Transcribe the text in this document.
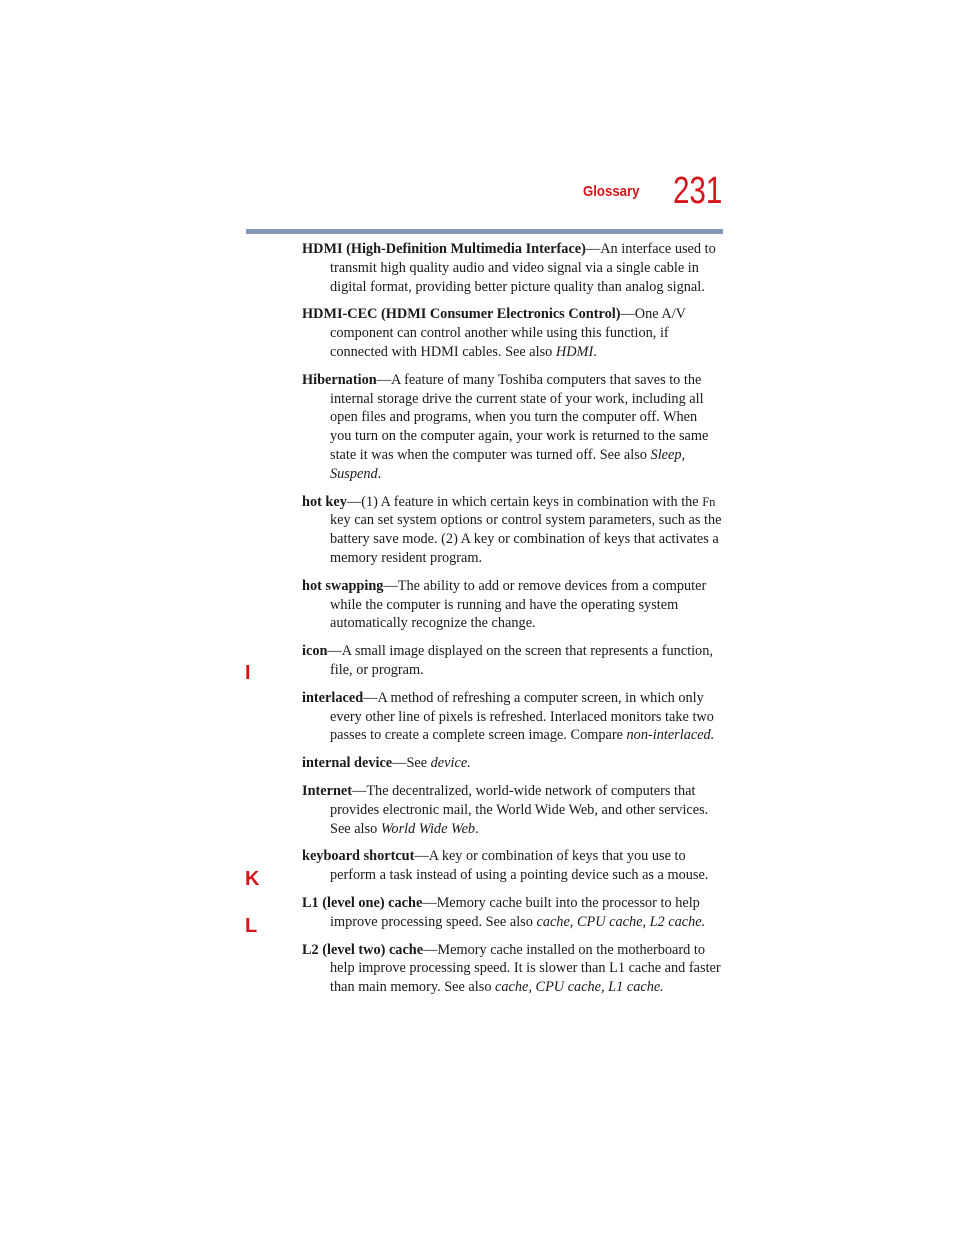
Glossary 231
I
K
L

HDMI (High-Definition Multimedia Interface)—An interface used to transmit high quality audio and video signal via a single cable in digital format, providing better picture quality than analog signal.

HDMI-CEC (HDMI Consumer Electronics Control)—One A/V component can control another while using this function, if connected with HDMI cables. See also HDMI.

Hibernation—A feature of many Toshiba computers that saves to the internal storage drive the current state of your work, including all open files and programs, when you turn the computer off. When you turn on the computer again, your work is returned to the same state it was when the computer was turned off. See also Sleep, Suspend.

hot key—(1) A feature in which certain keys in combination with the Fn key can set system options or control system parameters, such as the battery save mode. (2) A key or combination of keys that activates a memory resident program.

hot swapping—The ability to add or remove devices from a computer while the computer is running and have the operating system automatically recognize the change.

icon—A small image displayed on the screen that represents a function, file, or program.

interlaced—A method of refreshing a computer screen, in which only every other line of pixels is refreshed. Interlaced monitors take two passes to create a complete screen image. Compare non-interlaced.

internal device—See device.

Internet—The decentralized, world-wide network of computers that provides electronic mail, the World Wide Web, and other services. See also World Wide Web.

keyboard shortcut—A key or combination of keys that you use to perform a task instead of using a pointing device such as a mouse.

L1 (level one) cache—Memory cache built into the processor to help improve processing speed. See also cache, CPU cache, L2 cache.

L2 (level two) cache—Memory cache installed on the motherboard to help improve processing speed. It is slower than L1 cache and faster than main memory. See also cache, CPU cache, L1 cache.
